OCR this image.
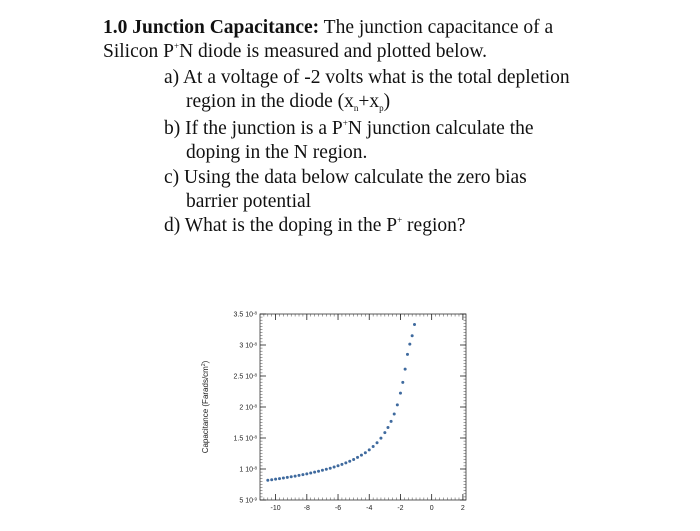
1.0 Junction Capacitance: The junction capacitance of a
Silicon P+N diode is measured and plotted below.
a) At a voltage of -2 volts what is the total depletion
region in the diode $(x_n+x_p)$
b) If the junction is a P+N junction calculate the
doping in the N region.
c) Using the data below calculate the zero bias
barrier potential
d) What is the doping in the P+ region?
-10	-8	-6	-4	-2	0	2
5 $10^{-9}$
1 $10^{-8}$
1.5 $10^{-8}$
2 $10^{-8}$
2.5 $10^{-8}$
3 $10^{-8}$
3.5 $10^{-8}$
Capacitance $(Farads/cm^2)$
